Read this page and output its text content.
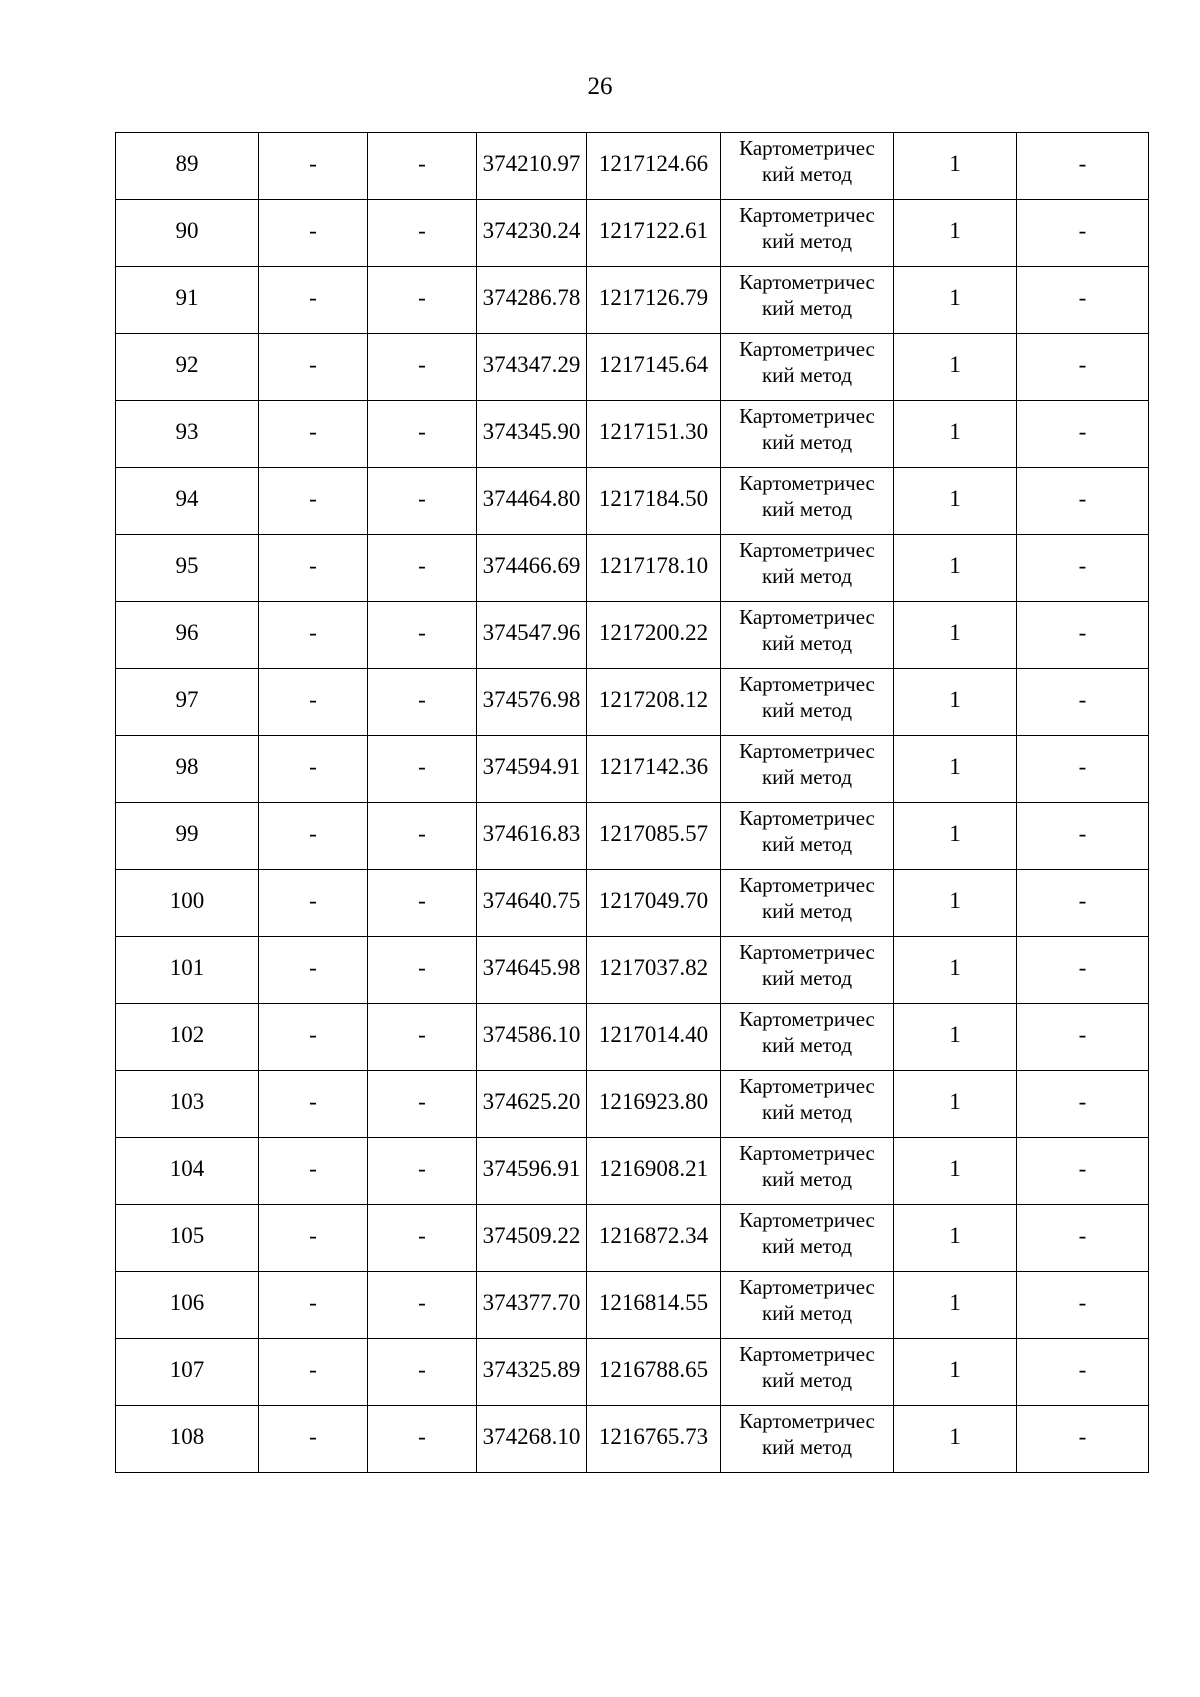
26
89	-	-	374210.97	1217124.66	Картометричес
кий метод	1	-
90	-	-	374230.24	1217122.61	Картометричес
кий метод	1	-
91	-	-	374286.78	1217126.79	Картометричес
кий метод	1	-
92	-	-	374347.29	1217145.64	Картометричес
кий метод	1	-
93	-	-	374345.90	1217151.30	Картометричес
кий метод	1	-
94	-	-	374464.80	1217184.50	Картометричес
кий метод	1	-
95	-	-	374466.69	1217178.10	Картометричес
кий метод	1	-
96	-	-	374547.96	1217200.22	Картометричес
кий метод	1	-
97	-	-	374576.98	1217208.12	Картометричес
кий метод	1	-
98	-	-	374594.91	1217142.36	Картометричес
кий метод	1	-
99	-	-	374616.83	1217085.57	Картометричес
кий метод	1	-
100	-	-	374640.75	1217049.70	Картометричес
кий метод	1	-
101	-	-	374645.98	1217037.82	Картометричес
кий метод	1	-
102	-	-	374586.10	1217014.40	Картометричес
кий метод	1	-
103	-	-	374625.20	1216923.80	Картометричес
кий метод	1	-
104	-	-	374596.91	1216908.21	Картометричес
кий метод	1	-
105	-	-	374509.22	1216872.34	Картометричес
кий метод	1	-
106	-	-	374377.70	1216814.55	Картометричес
кий метод	1	-
107	-	-	374325.89	1216788.65	Картометричес
кий метод	1	-
108	-	-	374268.10	1216765.73	Картометричес
кий метод	1	-
